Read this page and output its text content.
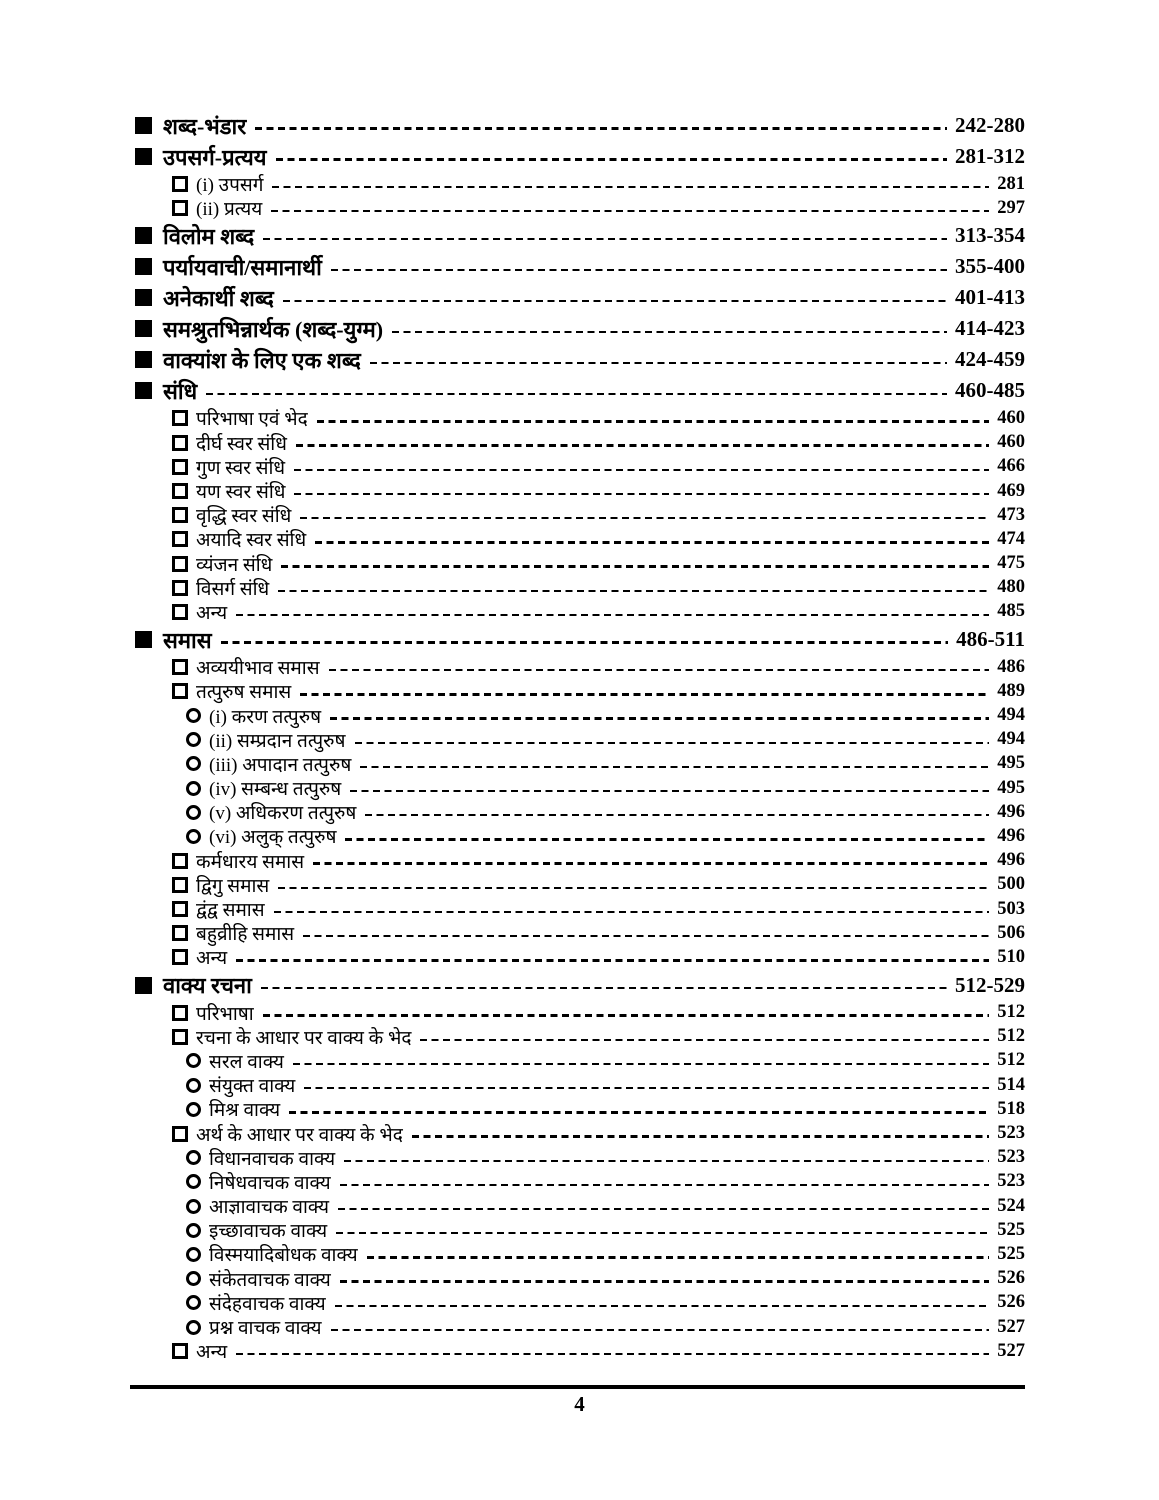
शब्द-भंडार	242-280
उपसर्ग-प्रत्यय	281-312
(i) उपसर्ग	281
(ii) प्रत्यय	297
विलोम शब्द	313-354
पर्यायवाची/समानार्थी	355-400
अनेकार्थी शब्द	401-413
समश्रुतभिन्नार्थक (शब्द-युग्म)	414-423
वाक्यांश के लिए एक शब्द	424-459
संधि	460-485
परिभाषा एवं भेद	460
दीर्घ स्वर संधि	460
गुण स्वर संधि	466
यण स्वर संधि	469
वृद्धि स्वर संधि	473
अयादि स्वर संधि	474
व्यंजन संधि	475
विसर्ग संधि	480
अन्य	485
समास	486-511
अव्ययीभाव समास	486
तत्पुरुष समास	489
(i) करण तत्पुरुष	494
(ii) सम्प्रदान तत्पुरुष	494
(iii) अपादान तत्पुरुष	495
(iv) सम्बन्ध तत्पुरुष	495
(v) अधिकरण तत्पुरुष	496
(vi) अलुक् तत्पुरुष	496
कर्मधारय समास	496
द्विगु समास	500
द्वंद्व समास	503
बहुव्रीहि समास	506
अन्य	510
वाक्य रचना	512-529
परिभाषा	512
रचना के आधार पर वाक्य के भेद	512
सरल वाक्य	512
संयुक्त वाक्य	514
मिश्र वाक्य	518
अर्थ के आधार पर वाक्य के भेद	523
विधानवाचक वाक्य	523
निषेधवाचक वाक्य	523
आज्ञावाचक वाक्य	524
इच्छावाचक वाक्य	525
विस्मयादिबोधक वाक्य	525
संकेतवाचक वाक्य	526
संदेहवाचक वाक्य	526
प्रश्न वाचक वाक्य	527
अन्य	527
4
